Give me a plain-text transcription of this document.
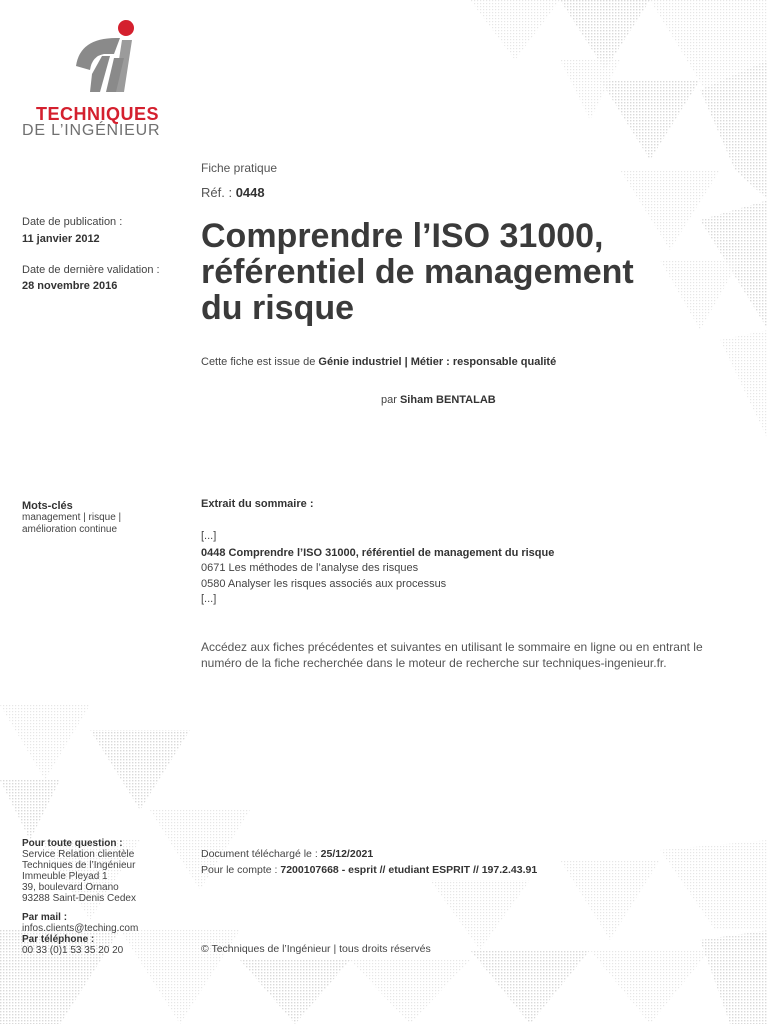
TECHNIQUES
DE L’INGÉNIEUR
Fiche pratique
Réf. : 0448
Date de publication :
11 janvier 2012
Date de dernière validation :
28 novembre 2016
Comprendre l’ISO 31000,
référentiel de management
du risque
Cette fiche est issue de Génie industriel | Métier : responsable qualité
par Siham BENTALAB
Mots-clés
management | risque | amélioration continue
Extrait du sommaire :
[...]
0448 Comprendre l’ISO 31000, référentiel de management du risque
0671 Les méthodes de l’analyse des risques
0580 Analyser les risques associés aux processus
[...]
Accédez aux fiches précédentes et suivantes en utilisant le sommaire en ligne ou en entrant le numéro de la fiche recherchée dans le moteur de recherche sur techniques-ingenieur.fr.
Pour toute question :
Service Relation clientèle
Techniques de l’Ingénieur
Immeuble Pleyad 1
39, boulevard Ornano
93288 Saint-Denis Cedex
Par mail :
infos.clients@teching.com
Par téléphone :
00 33 (0)1 53 35 20 20
Document téléchargé le : 25/12/2021
Pour le compte : 7200107668 - esprit // etudiant ESPRIT // 197.2.43.91
© Techniques de l’Ingénieur | tous droits réservés
